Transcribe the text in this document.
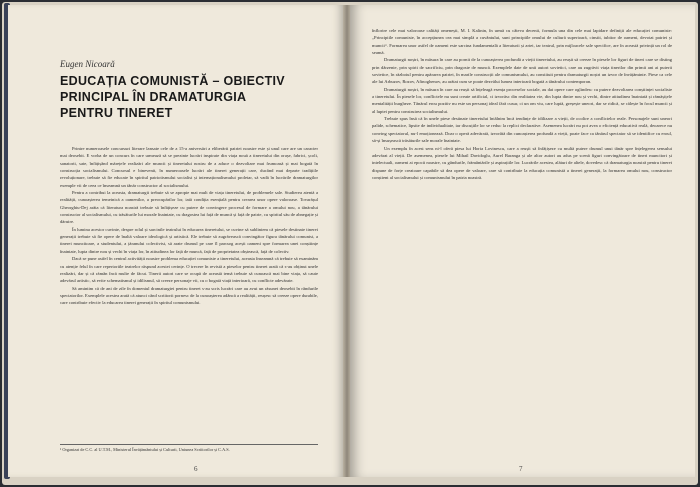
Eugen Nicoară
EDUCAȚIA COMUNISTĂ – OBIECTIV
PRINCIPAL ÎN DRAMATURGIA
PENTRU TINERET

Printre numeroasele concursuri literare lansate cele de a 15-a aniversări a eliberării patriei noastre este și unul care are un caracter mai deosebit. E vorba de un concurs în care urmează să se prezinte lucrări inspirate din viața nouă a tineretului din orașe, fabrici, școli, sanatorii, sate, înfățișând mărețele realizări ale muncii și tineretului nostru de a aduce o dezvoltare mai frumoasă și mai bogată în construcția socialismului. Concursul e binevenit, în numeroasele lucrări ale tinerei generații care, ducând mai departe tradițiile revoluționare, trebuie să fie educate în spiritul patriotismului socialist și internaționalismului proletar, să vadă în lucrările dramaturgilor exemple vii de ceea ce înseamnă un tânăr constructor al socialismului.

Pentru a contribui la aceasta, dramaturgii trebuie să se apropie mai mult de viața tineretului, de problemele sale. Studierea atentă a realității, cunoașterea temeinică a oamenilor, a preocupărilor lor, iată condiția esențială pentru crearea unor opere valoroase. Tovarășul Gheorghiu-Dej arăta că literatura noastră trebuie să înfățișeze cu putere de convingere procesul de formare a omului nou, a tânărului constructor al socialismului, cu trăsăturile lui morale înaintate, cu dragostea lui față de muncă și față de patrie, cu spiritul său de abnegație și dăruire.

În lumina acestor cuvinte, despre rolul și sarcinile teatrului în educarea tineretului, se cuvine să subliniem că piesele destinate tinerei generații trebuie să fie opere de înaltă valoare ideologică și artistică. Ele trebuie să zugrăvească convingător figura tânărului comunist, a tinerei muncitoare, a studentului, a țăranului colectivist, să arate drumul pe care îl parcurg acești oameni spre formarea unei conștiințe înaintate, lupta dintre nou și vechi în viața lor, în atitudinea lor față de muncă, față de proprietatea obștească, față de colectiv.

Dacă se pune astfel în centrul activității noastre problema educației comuniste a tineretului, aceasta înseamnă că trebuie să examinăm cu atenție felul în care repertoriile teatrelor răspund acestei cerințe. O trecere în revistă a pieselor pentru tineret arată că s-au obținut unele realizări, dar și că rămân încă multe de făcut. Tinerii autori care se ocupă de această temă trebuie să cunoască mai bine viața, să caute adevărul artistic, să evite schematismul și idilismul, să creeze personaje vii, cu o bogată viață interioară, cu conflicte adevărate.

Să amintim că de ani de zile în domeniul dramaturgiei pentru tineret s-au scris lucrări care au avut un răsunet deosebit în rândurile spectatorilor. Exemplele acestea arată că atunci când scriitorii pornesc de la cunoașterea adâncă a realității, reușesc să creeze opere durabile, care contribuie efectiv la educarea tinerei generații în spiritul comunismului.

¹ Organizat de C.C. al U.T.M., Ministerul Învățământului și Culturii, Uniunea Scriitorilor și C.A.S.
6

înflorire cele mai valoroase calități omenești, M. I. Kalinin, în urmă cu câteva decenii, formula una din cele mai lapidare definiții ale educației comuniste: „Principiile comuniste, în accepțiunea cea mai simplă a cuvântului, sunt principiile omului de cultură superioară, cinstit, iubitor de oameni, devotat patriei și muncii“. Formarea unor astfel de oameni este sarcina fundamentală a literaturii și artei, iar teatrul, prin mijloacele sale specifice, are în această privință un rol de seamă.

Dramaturgii noștri, în măsura în care au pornit de la cunoașterea profundă a vieții tineretului, au reușit să creeze în piesele lor figuri de tineri care se disting prin dârzenie, prin spirit de sacrificiu, prin dragoste de muncă. Exemplele date de unii autori sovietici, care au zugrăvit viața tinerilor din primii ani ai puterii sovietice, în războiul pentru apărarea patriei, în marile construcții ale comunismului, au constituit pentru dramaturgii noștri un izvor de învățăminte. Piese ca cele ale lui Arbuzov, Rozov, Afinoghenov, au arătat cum se poate dezvălui lumea interioară bogată a tânărului contemporan.

Dramaturgii noștri, în măsura în care au reușit să înțeleagă esența proceselor sociale, au dat opere care oglindesc cu putere dezvoltarea conștiinței socialiste a tineretului. În piesele lor, conflictele nu sunt create artificial, ci izvorăsc din realitatea vie, din lupta dintre nou și vechi, dintre atitudinea înaintată și rămășițele mentalității burgheze. Tânărul erou pozitiv nu este un personaj ideal fără cusur, ci un om viu, care luptă, greșește uneori, dar se ridică, se călește în focul muncii și al luptei pentru construirea socialismului.

Trebuie spus însă că în unele piese destinate tineretului întâlnim încă tendințe de idilizare a vieții, de ocolire a conflictelor reale. Personajele sunt uneori palide, schematice, lipsite de individualitate, iar discuțiile lor se reduc la replici declarative. Asemenea lucrări nu pot avea o eficiență educativă reală, deoarece nu conving spectatorul, nu-l emoționează. Doar o operă adevărată, izvorâtă din cunoașterea profundă a vieții, poate face ca tânărul spectator să se identifice cu eroul, să-și însușească trăsăturile sale morale înaintate.

Un exemplu în acest sens ni-l oferă piesa lui Horia Lovinescu, care a reușit să înfățișeze cu multă putere drumul unui tânăr spre înțelegerea sensului adevărat al vieții. De asemenea, piesele lui Mihail Davidoglu, Aurel Baranga și ale altor autori au adus pe scenă figuri convingătoare de tineri muncitori și intelectuali, oameni ai epocii noastre, cu gândurile, frământările și aspirațiile lor. Lucrările acestea, alături de altele, dovedesc că dramaturgia noastră pentru tineret dispune de forțe creatoare capabile să dea opere de valoare, care să contribuie la educația comunistă a tinerei generații, la formarea omului nou, constructor conștient al socialismului și comunismului în patria noastră.

7
